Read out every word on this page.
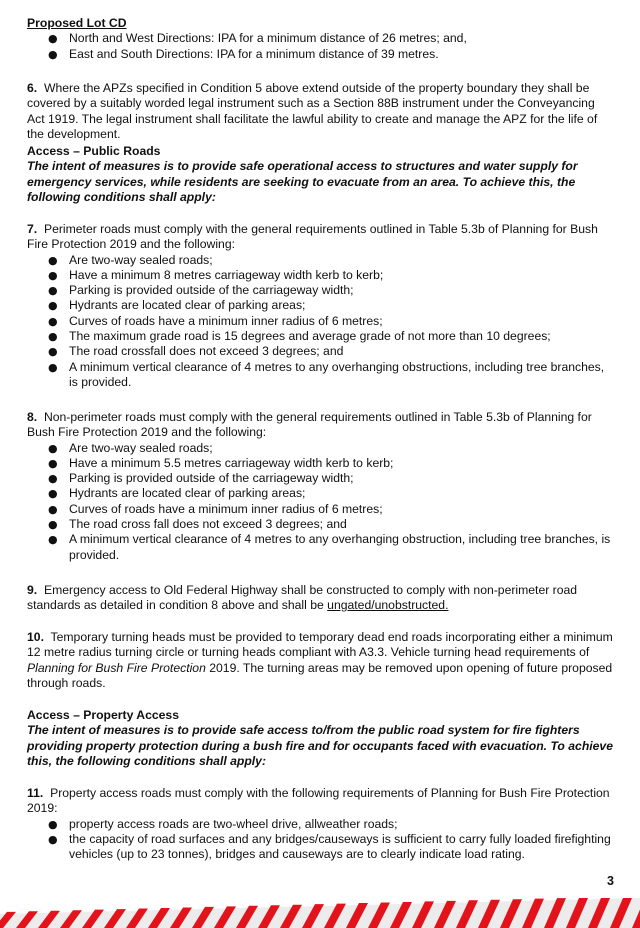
Proposed Lot CD

● North and West Directions: IPA for a minimum distance of 26 metres; and,
● East and South Directions: IPA for a minimum distance of 39 metres.

6. Where the APZs specified in Condition 5 above extend outside of the property boundary they shall be covered by a suitably worded legal instrument such as a Section 88B instrument under the Conveyancing Act 1919. The legal instrument shall facilitate the lawful ability to create and manage the APZ for the life of the development.

Access – Public Roads

The intent of measures is to provide safe operational access to structures and water supply for emergency services, while residents are seeking to evacuate from an area. To achieve this, the following conditions shall apply:

7. Perimeter roads must comply with the general requirements outlined in Table 5.3b of Planning for Bush Fire Protection 2019 and the following:

● Are two-way sealed roads;
● Have a minimum 8 metres carriageway width kerb to kerb;
● Parking is provided outside of the carriageway width;
● Hydrants are located clear of parking areas;
● Curves of roads have a minimum inner radius of 6 metres;
● The maximum grade road is 15 degrees and average grade of not more than 10 degrees;
● The road crossfall does not exceed 3 degrees; and
● A minimum vertical clearance of 4 metres to any overhanging obstructions, including tree branches, is provided.

8. Non-perimeter roads must comply with the general requirements outlined in Table 5.3b of Planning for Bush Fire Protection 2019 and the following:

● Are two-way sealed roads;
● Have a minimum 5.5 metres carriageway width kerb to kerb;
● Parking is provided outside of the carriageway width;
● Hydrants are located clear of parking areas;
● Curves of roads have a minimum inner radius of 6 metres;
● The road cross fall does not exceed 3 degrees; and
● A minimum vertical clearance of 4 metres to any overhanging obstruction, including tree branches, is provided.

9. Emergency access to Old Federal Highway shall be constructed to comply with non-perimeter road standards as detailed in condition 8 above and shall be ungated/unobstructed.

10. Temporary turning heads must be provided to temporary dead end roads incorporating either a minimum 12 metre radius turning circle or turning heads compliant with A3.3. Vehicle turning head requirements of Planning for Bush Fire Protection 2019. The turning areas may be removed upon opening of future proposed through roads.

Access – Property Access

The intent of measures is to provide safe access to/from the public road system for fire fighters providing property protection during a bush fire and for occupants faced with evacuation. To achieve this, the following conditions shall apply:

11. Property access roads must comply with the following requirements of Planning for Bush Fire Protection 2019:

● property access roads are two-wheel drive, allweather roads;
● the capacity of road surfaces and any bridges/causeways is sufficient to carry fully loaded firefighting vehicles (up to 23 tonnes), bridges and causeways are to clearly indicate load rating.
3
